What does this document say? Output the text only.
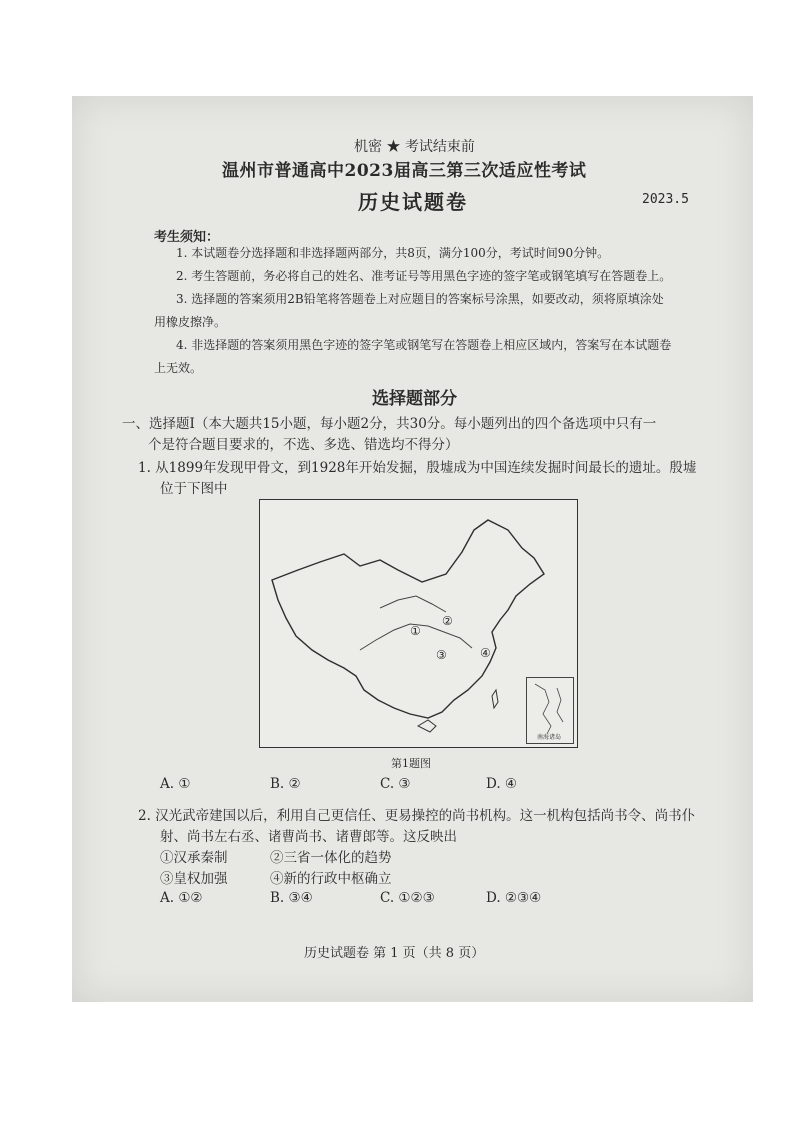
机密 ★ 考试结束前
温州市普通高中2023届高三第三次适应性考试
历史试题卷	2023.5
考生须知：
1. 本试题卷分选择题和非选择题两部分，共8页，满分100分，考试时间90分钟。
2. 考生答题前，务必将自己的姓名、准考证号等用黑色字迹的签字笔或钢笔填写在答题卷上。
3. 选择题的答案须用2B铅笔将答题卷上对应题目的答案标号涂黑，如要改动，须将原填涂处
用橡皮擦净。
4. 非选择题的答案须用黑色字迹的签字笔或钢笔写在答题卷上相应区域内，答案写在本试题卷
上无效。
选择题部分
一、选择题Ⅰ（本大题共15小题，每小题2分，共30分。每小题列出的四个备选项中只有一
个是符合题目要求的，不选、多选、错选均不得分）
1. 从1899年发现甲骨文，到1928年开始发掘，殷墟成为中国连续发掘时间最长的遗址。殷墟
位于下图中
①
②
③	④
南海诸岛
第1题图
A. ①	B. ②	C. ③	D. ④
2. 汉光武帝建国以后，利用自己更信任、更易操控的尚书机构。这一机构包括尚书令、尚书仆
射、尚书左右丞、诸曹尚书、诸曹郎等。这反映出
①汉承秦制	②三省一体化的趋势
③皇权加强	④新的行政中枢确立
A. ①②	B. ③④	C. ①②③	D. ②③④
历史试题卷 第 1 页（共 8 页）
